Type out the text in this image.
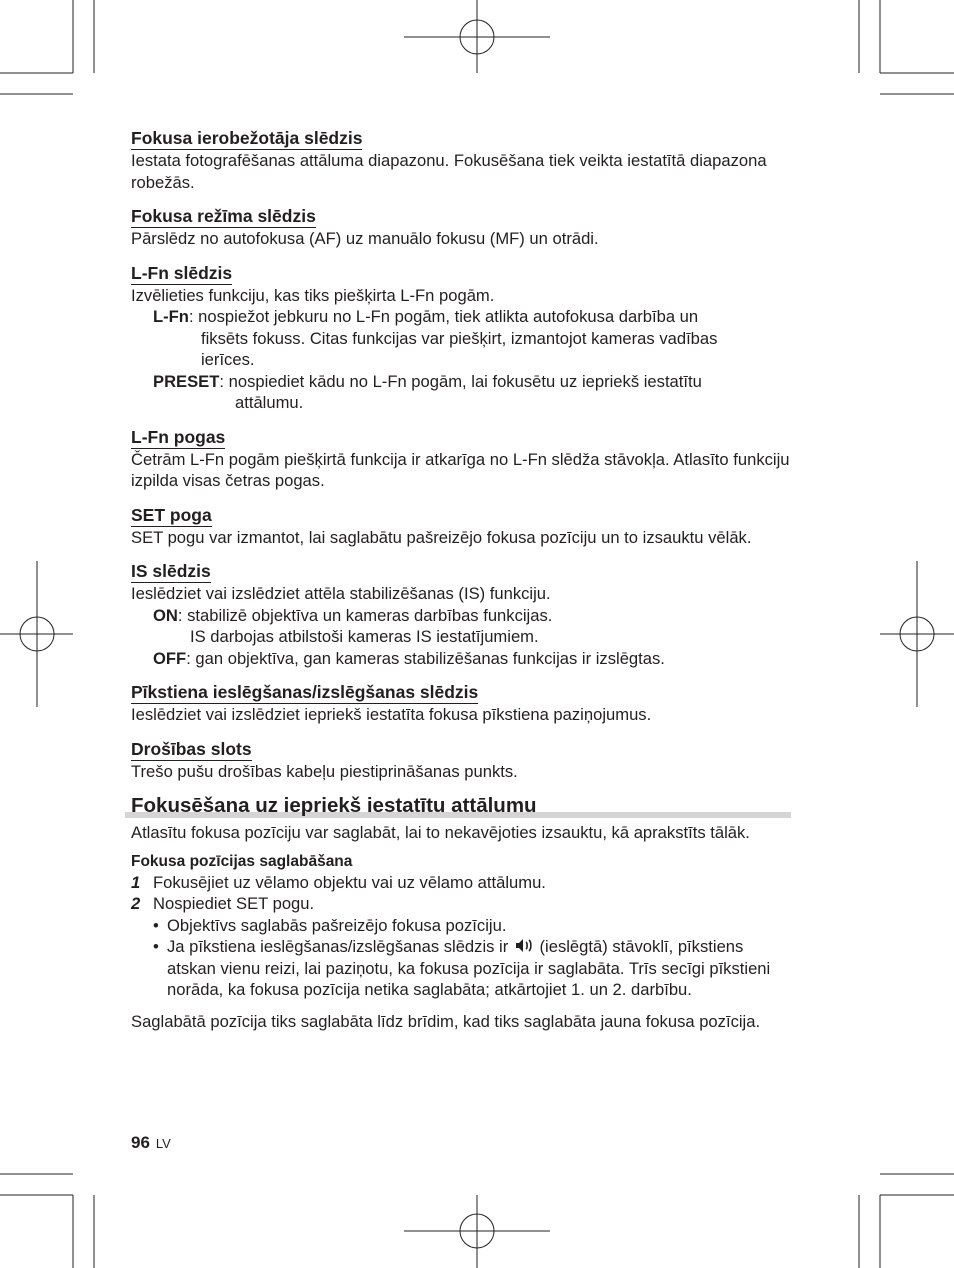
Fokusa ierobežotāja slēdzis

Iestata fotografēšanas attāluma diapazonu. Fokusēšana tiek veikta iestatītā diapazona robežās.

Fokusa režīma slēdzis

Pārslēdz no autofokusa (AF) uz manuālo fokusu (MF) un otrādi.

L-Fn slēdzis

Izvēlieties funkciju, kas tiks piešķirta L-Fn pogām.

L-Fn: nospiežot jebkuru no L-Fn pogām, tiek atlikta autofokusa darbība un
fiksēts fokuss. Citas funkcijas var piešķirt, izmantojot kameras vadības
ierīces.
PRESET: nospiediet kādu no L-Fn pogām, lai fokusētu uz iepriekš iestatītu
attālumu.
L-Fn pogas

Četrām L-Fn pogām piešķirtā funkcija ir atkarīga no L-Fn slēdža stāvokļa. Atlasīto funkciju izpilda visas četras pogas.

SET poga

SET pogu var izmantot, lai saglabātu pašreizējo fokusa pozīciju un to izsauktu vēlāk.

IS slēdzis

Ieslēdziet vai izslēdziet attēla stabilizēšanas (IS) funkciju.

ON: stabilizē objektīva un kameras darbības funkcijas.
IS darbojas atbilstoši kameras IS iestatījumiem.
OFF: gan objektīva, gan kameras stabilizēšanas funkcijas ir izslēgtas.
Pīkstiena ieslēgšanas/izslēgšanas slēdzis

Ieslēdziet vai izslēdziet iepriekš iestatīta fokusa pīkstiena paziņojumus.

Drošības slots

Trešo pušu drošības kabeļu piestiprināšanas punkts.

Fokusēšana uz iepriekš iestatītu attālumu

Atlasītu fokusa pozīciju var saglabāt, lai to nekavējoties izsauktu, kā aprakstīts tālāk.

Fokusa pozīcijas saglabāšana
1 Fokusējiet uz vēlamo objektu vai uz vēlamo attālumu.
2 Nospiediet SET pogu.
• Objektīvs saglabās pašreizējo fokusa pozīciju.
• Ja pīkstiena ieslēgšanas/izslēgšanas slēdzis ir  (ieslēgtā) stāvoklī, pīkstiens atskan vienu reizi, lai paziņotu, ka fokusa pozīcija ir saglabāta. Trīs secīgi pīkstieni norāda, ka fokusa pozīcija netika saglabāta; atkārtojiet 1. un 2. darbību.

Saglabātā pozīcija tiks saglabāta līdz brīdim, kad tiks saglabāta jauna fokusa pozīcija.

96 LV
